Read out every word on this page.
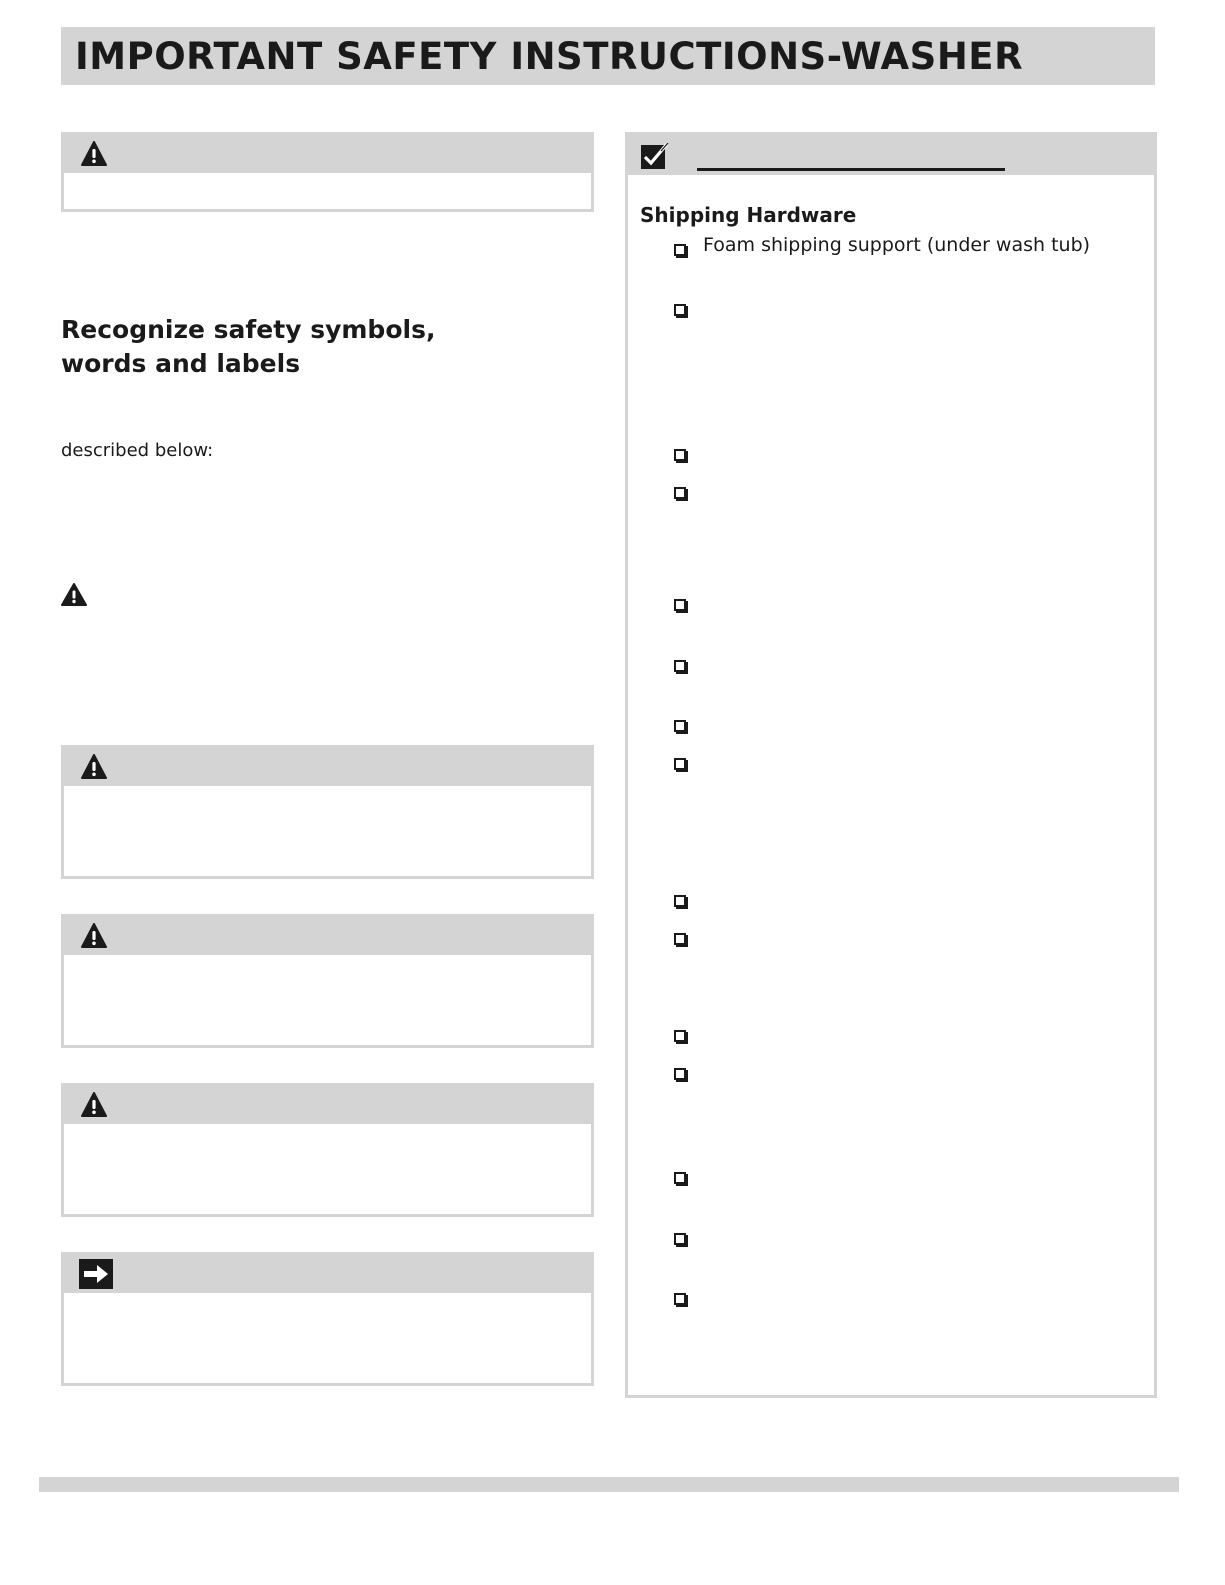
IMPORTANT SAFETY INSTRUCTIONS-WASHER
Recognize safety symbols, words and labels
described below:
Shipping Hardware
Foam shipping support (under wash tub)
